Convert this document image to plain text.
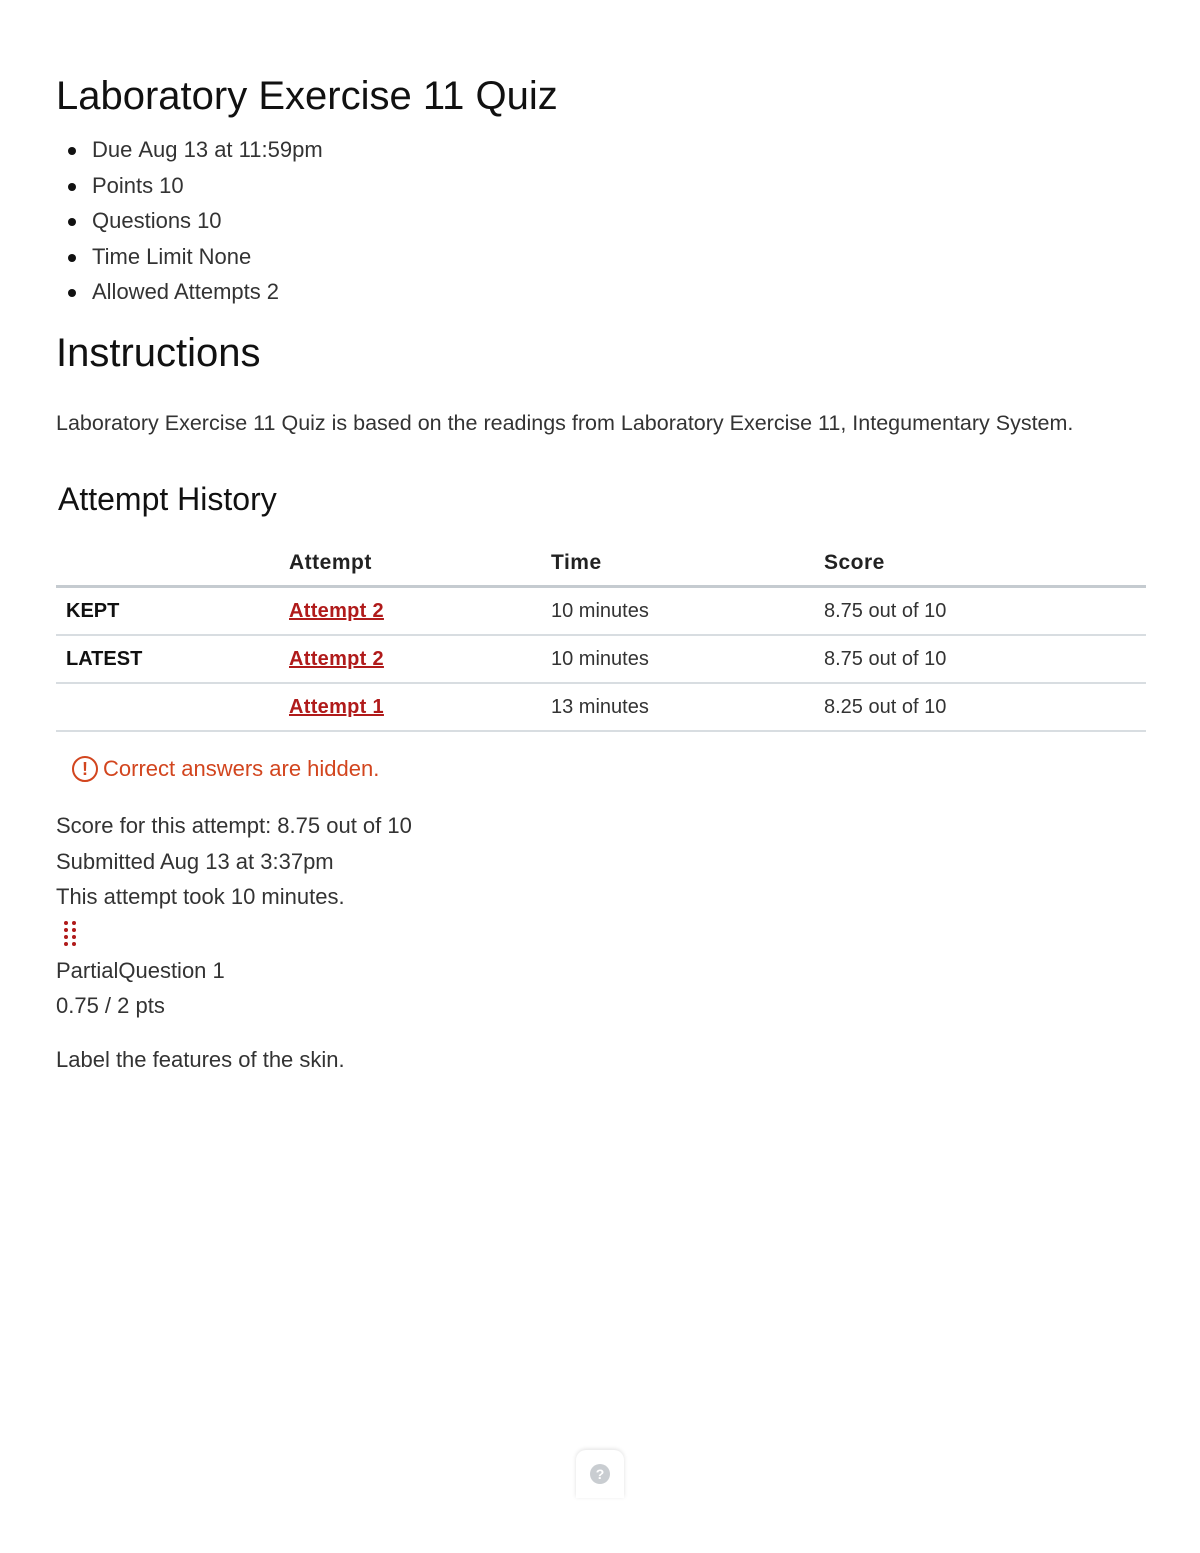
Laboratory Exercise 11 Quiz
Due Aug 13 at 11:59pm
Points 10
Questions 10
Time Limit None
Allowed Attempts 2
Instructions

Laboratory Exercise 11 Quiz is based on the readings from Laboratory Exercise 11, Integumentary System.

Attempt History
	Attempt	Time	Score
KEPT	Attempt 2	10 minutes	8.75 out of 10
LATEST	Attempt 2	10 minutes	8.75 out of 10
	Attempt 1	13 minutes	8.25 out of 10
! Correct answers are hidden.
Score for this attempt: 8.75 out of 10
Submitted Aug 13 at 3:37pm
This attempt took 10 minutes.
PartialQuestion 1
0.75 / 2 pts
Label the features of the skin.
?
